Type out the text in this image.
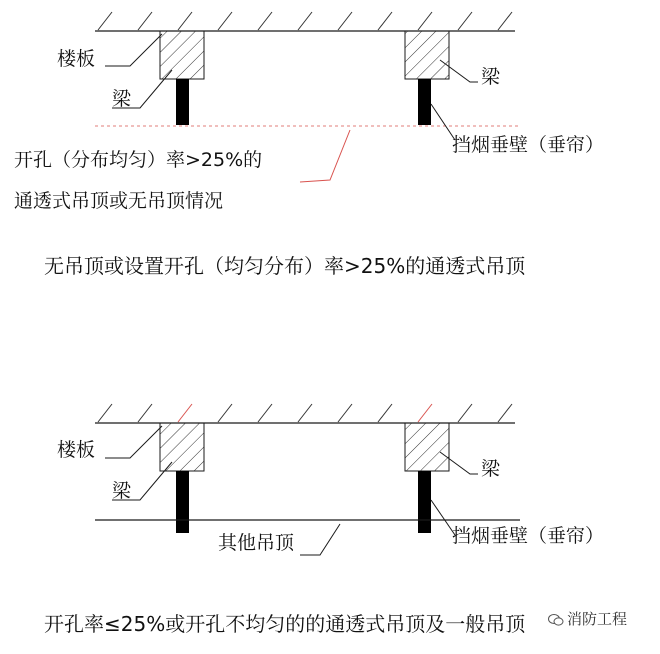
楼板
梁
梁
挡烟垂壁（垂帘）
开孔（分布均匀）率>25%的
通透式吊顶或无吊顶情况
无吊顶或设置开孔（均匀分布）率>25%的通透式吊顶
楼板
梁
梁
挡烟垂壁（垂帘）
其他吊顶
开孔率≤25%或开孔不均匀的的通透式吊顶及一般吊顶	消防工程
